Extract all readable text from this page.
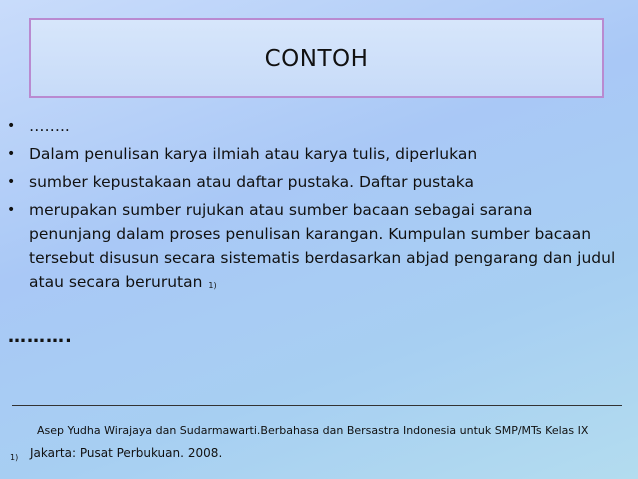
CONTOH
• ……..
• Dalam penulisan karya ilmiah atau karya tulis, diperlukan
• sumber kepustakaan atau daftar pustaka. Daftar pustaka
• merupakan sumber rujukan atau sumber bacaan sebagai sarana penunjang dalam proses penulisan karangan. Kumpulan sumber bacaan tersebut disusun secara sistematis berdasarkan abjad pengarang dan judul atau secara berurutan $^{1)}$
……….
Asep Yudha Wirajaya dan Sudarmawarti.Berbahasa dan Bersastra Indonesia untuk SMP/MTs Kelas IX
Jakarta: Pusat Perbukuan. 2008.
1)
